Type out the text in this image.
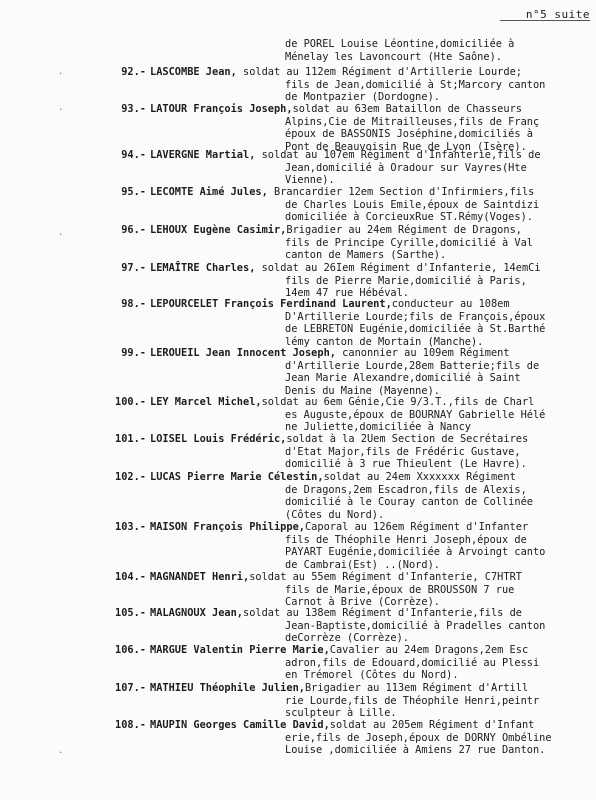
n°5 suite
de POREL Louise Léontine,domiciliée à
Ménelay les Lavoncourt (Hte Saône).
.
.
.
.
92.- LASCOMBE Jean, soldat au 112em Régiment d'Artillerie Lourde;
fils de Jean,domicilié à St;Marcory canton
de Montpazier (Dordogne).
93.- LATOUR François Joseph,soldat au 63em Bataillon de Chasseurs
Alpins,Cie de Mitrailleuses,fils de Franç
époux de BASSONIS Joséphine,domiciliés à
Pont de Beauvoisin Rue de Lyon (Isère).
94.- LAVERGNE Martial, soldat au 107em Régiment d'Infanterie,fils de
Jean,domicilié à Oradour sur Vayres(Hte
Vienne).
95.- LECOMTE Aimé Jules, Brancardier 12em Section d'Infirmiers,fils
de Charles Louis Emile,époux de Saintdizi
domiciliée à CorcieuxRue ST.Rémy(Voges).
96.- LEHOUX Eugène Casimir,Brigadier au 24em Régiment de Dragons,
fils de Principe Cyrille,domicilié à Val
canton de Mamers (Sarthe).
97.- LEMAÎTRE Charles, soldat au 26Iem Régiment d'Infanterie, 14emCi
fils de Pierre Marie,domicilié à Paris,
14em 47 rue Hébéval.
98.- LEPOURCELET François Ferdinand Laurent,conducteur au 108em
D'Artillerie Lourde;fils de François,époux
de LEBRETON Eugénie,domiciliée à St.Barthé
lémy canton de Mortain (Manche).
99.- LEROUEIL Jean Innocent Joseph, canonnier au 109em Régiment
d'Artillerie Lourde,28em Batterie;fils de
Jean Marie Alexandre,domicilié à Saint
Denis du Maine (Mayenne).
100.- LEY Marcel Michel,soldat au 6em Génie,Cie 9/3.T.,fils de Charl
es Auguste,époux de BOURNAY Gabrielle Hélé
ne Juliette,domiciliée à Nancy
101.- LOISEL Louis Frédéric,soldat à la 2Uem Section de Secrétaires
d'Etat Major,fils de Frédéric Gustave,
domicilié à 3 rue Thieulent (Le Havre).
102.- LUCAS Pierre Marie Célestin,soldat au 24em Xxxxxxx Régiment
de Dragons,2em Escadron,fils de Alexis,
domicilié à le Couray canton de Collinée
(Côtes du Nord).
103.- MAISON François Philippe,Caporal au 126em Régiment d'Infanter
fils de Théophile Henri Joseph,époux de
PAYART Eugénie,domiciliée à Arvoingt canto
de Cambrai(Est) ..(Nord).
104.- MAGNANDET Henri,soldat au 55em Régiment d'Infanterie, C7HTRT
fils de Marie,époux de BROUSSON 7 rue
Carnot à Brive (Corrèze).
105.- MALAGNOUX Jean,soldat au 138em Régiment d'Infanterie,fils de
Jean-Baptiste,domicilié à Pradelles canton
deCorrèze (Corrèze).
106.- MARGUE Valentin Pierre Marie,Cavalier au 24em Dragons,2em Esc
adron,fils de Edouard,domicilié au Plessi
en Trémorel (Côtes du Nord).
107.- MATHIEU Théophile Julien,Brigadier au 113em Régiment d'Artill
rie Lourde,fils de Théophile Henri,peintr
sculpteur à Lille.
108.- MAUPIN Georges Camille David,soldat au 205em Régiment d'Infant
erie,fils de Joseph,époux de DORNY Ombéline
Louise ,domiciliée à Amiens 27 rue Danton.
